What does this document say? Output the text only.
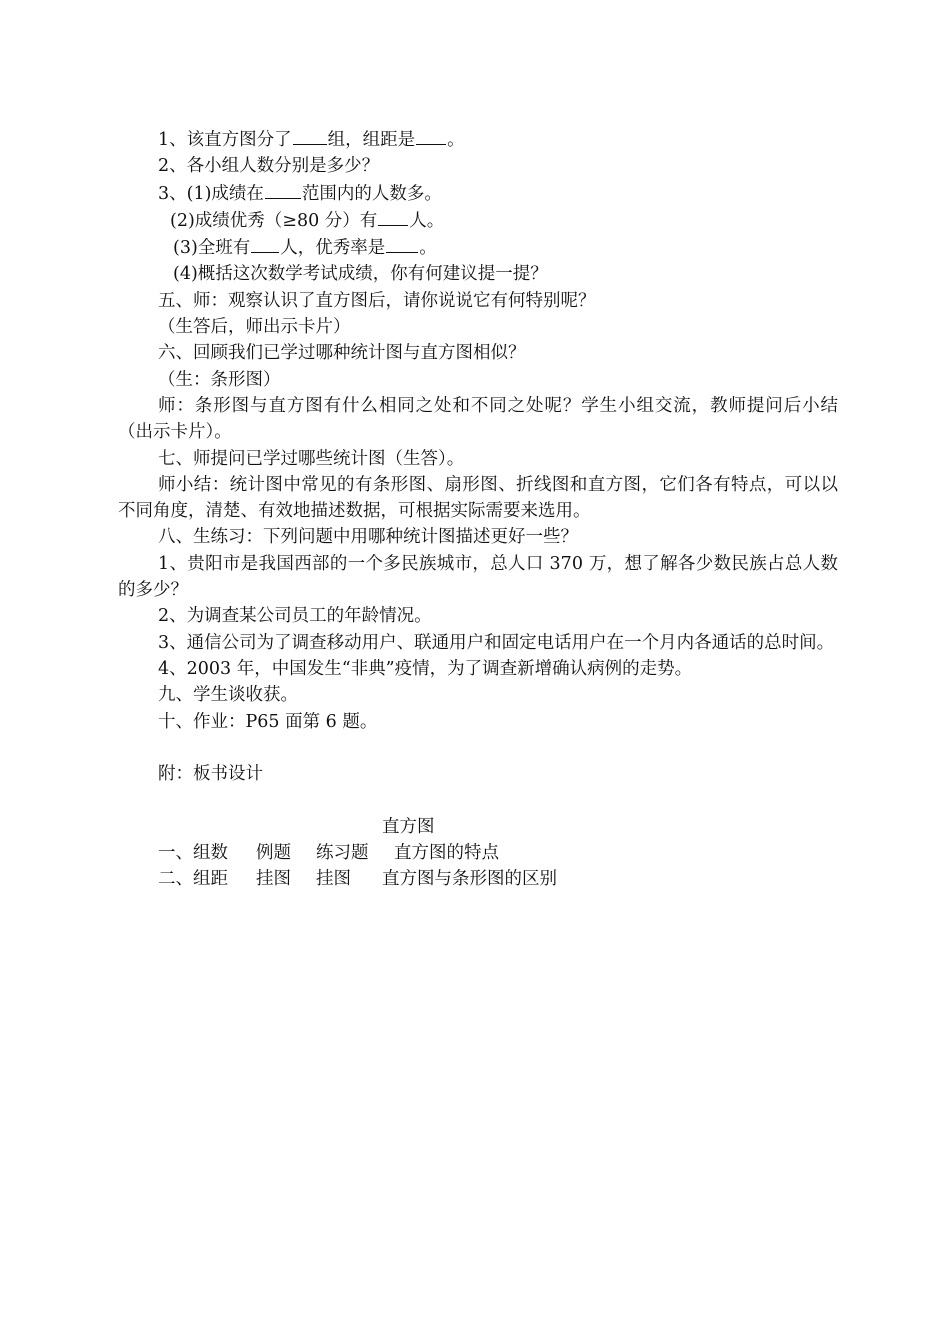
1、该直方图分了 组，组距是 。
2、各小组人数分别是多少？
3、(1)成绩在 范围内的人数多。
(2)成绩优秀（≥80 分）有 人。
(3)全班有 人，优秀率是 。
(4)概括这次数学考试成绩，你有何建议提一提？
五、师：观察认识了直方图后，请你说说它有何特别呢？
（生答后，师出示卡片）
六、回顾我们已学过哪种统计图与直方图相似？
（生：条形图）
师：条形图与直方图有什么相同之处和不同之处呢？学生小组交流，教师提问后小结（出示卡片）。
七、师提问已学过哪些统计图（生答）。
师小结：统计图中常见的有条形图、扇形图、折线图和直方图，它们各有特点，可以以不同角度，清楚、有效地描述数据，可根据实际需要来选用。
八、生练习：下列问题中用哪种统计图描述更好一些？
1、贵阳市是我国西部的一个多民族城市，总人口 370 万，想了解各少数民族占总人数的多少？
2、为调查某公司员工的年龄情况。
3、通信公司为了调查移动用户、联通用户和固定电话用户在一个月内各通话的总时间。
4、2003 年，中国发生“非典”疫情，为了调查新增确认病例的走势。
九、学生谈收获。
十、作业：P65 面第 6 题。
附：板书设计
直方图
一、组数 例题 练习题 直方图的特点
二、组距 挂图 挂图 直方图与条形图的区别
